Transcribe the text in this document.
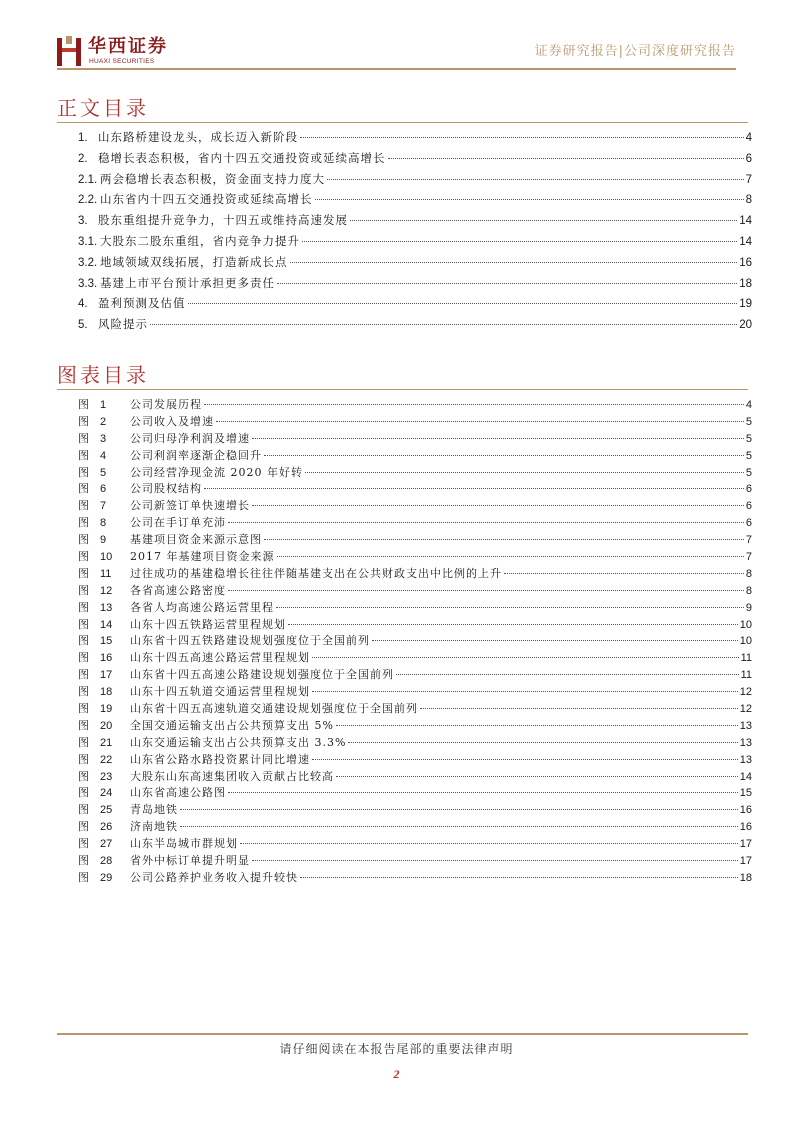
华西证券
HUAXI SECURITIES
证券研究报告|公司深度研究报告
正文目录
1. 山东路桥建设龙头，成长迈入新阶段	4
2. 稳增长表态积极，省内十四五交通投资或延续高增长	6
2.1. 两会稳增长表态积极，资金面支持力度大	7
2.2. 山东省内十四五交通投资或延续高增长	8
3. 股东重组提升竞争力，十四五或维持高速发展	14
3.1. 大股东二股东重组，省内竞争力提升	14
3.2. 地域领域双线拓展，打造新成长点	16
3.3. 基建上市平台预计承担更多责任	18
4. 盈利预测及估值	19
5. 风险提示	20
图表目录
图	1	公司发展历程	4
图	2	公司收入及增速	5
图	3	公司归母净利润及增速	5
图	4	公司利润率逐渐企稳回升	5
图	5	公司经营净现金流 2020 年好转	5
图	6	公司股权结构	6
图	7	公司新签订单快速增长	6
图	8	公司在手订单充沛	6
图	9	基建项目资金来源示意图	7
图	10	2017 年基建项目资金来源	7
图	11	过往成功的基建稳增长往往伴随基建支出在公共财政支出中比例的上升	8
图	12	各省高速公路密度	8
图	13	各省人均高速公路运营里程	9
图	14	山东十四五铁路运营里程规划	10
图	15	山东省十四五铁路建设规划强度位于全国前列	10
图	16	山东十四五高速公路运营里程规划	11
图	17	山东省十四五高速公路建设规划强度位于全国前列	11
图	18	山东十四五轨道交通运营里程规划	12
图	19	山东省十四五高速轨道交通建设规划强度位于全国前列	12
图	20	全国交通运输支出占公共预算支出 5%	13
图	21	山东交通运输支出占公共预算支出 3.3%	13
图	22	山东省公路水路投资累计同比增速	13
图	23	大股东山东高速集团收入贡献占比较高	14
图	24	山东省高速公路图	15
图	25	青岛地铁	16
图	26	济南地铁	16
图	27	山东半岛城市群规划	17
图	28	省外中标订单提升明显	17
图	29	公司公路养护业务收入提升较快	18
请仔细阅读在本报告尾部的重要法律声明
2
